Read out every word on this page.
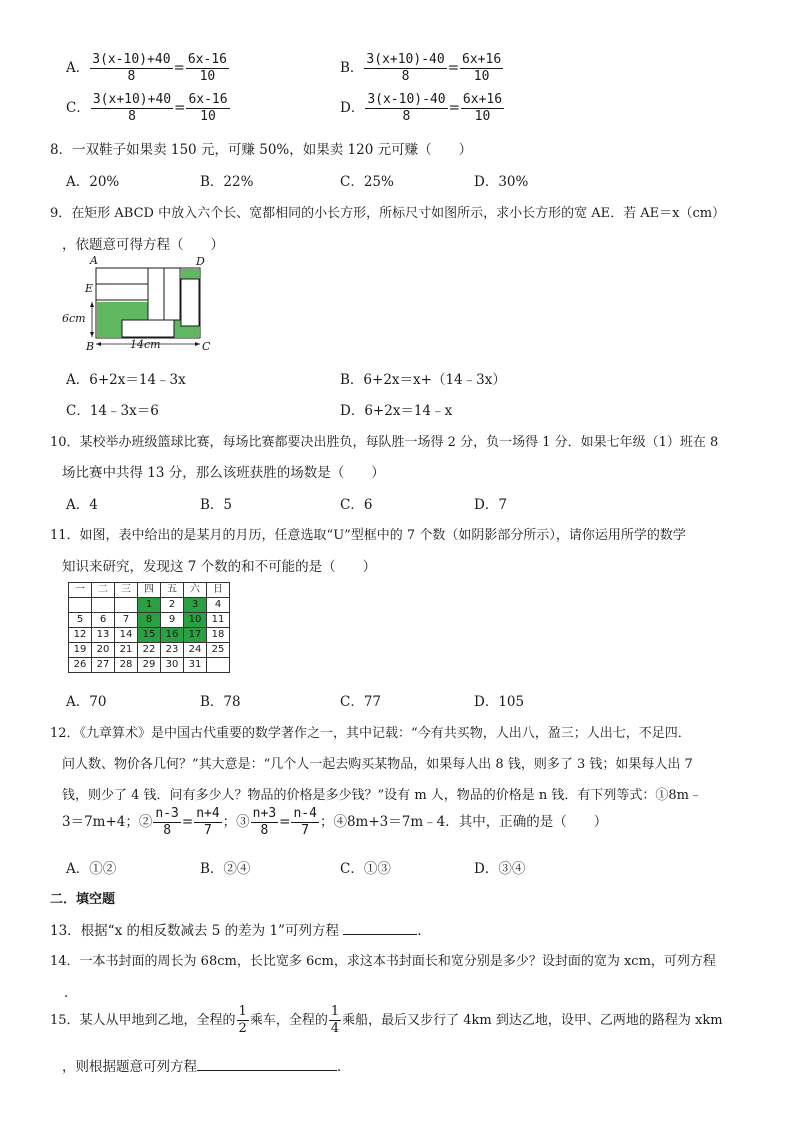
A． $\frac{3(x-10)+40}{8} = \frac{6x-16}{10}$	B． $\frac{3(x+10)-40}{8} = \frac{6x+16}{10}$
C． $\frac{3(x+10)+40}{8} = \frac{6x-16}{10}$	D． $\frac{3(x-10)-40}{8} = \frac{6x+16}{10}$
8．一双鞋子如果卖 150 元，可赚 50%，如果卖 120 元可赚（　　）
A．20%	B．22%	C．25%	D．30%
9．在矩形 ABCD 中放入六个长、宽都相同的小长方形，所标尺寸如图所示，求小长方形的宽 AE．若 AE＝x（cm）
，依题意可得方程（　　）
A	D
E
B	C
6cm
14cm
A．6+2x＝14﹣3x	B．6+2x＝x+（14﹣3x）
C．14﹣3x＝6	D．6+2x＝14﹣x
10．某校举办班级篮球比赛，每场比赛都要决出胜负，每队胜一场得 2 分，负一场得 1 分．如果七年级（1）班在 8
场比赛中共得 13 分，那么该班获胜的场数是（　　）
A．4	B．5	C．6	D．7
11．如图，表中给出的是某月的月历，任意选取“U”型框中的 7 个数（如阴影部分所示），请你运用所学的数学
知识来研究，发现这 7 个数的和不可能的是（　　）
一	二	三	四	五	六	日
			1	2	3	4
5	6	7	8	9	10	11
12	13	14	15	16	17	18
19	20	21	22	23	24	25
26	27	28	29	30	31	
A．70	B．78	C．77	D．105
12．《九章算术》是中国古代重要的数学著作之一，其中记载：“今有共买物，人出八，盈三；人出七，不足四．
问人数、物价各几何？”其大意是：“几个人一起去购买某物品，如果每人出 8 钱，则多了 3 钱；如果每人出 7
钱，则少了 4 钱．问有多少人？物品的价格是多少钱？”设有 m 人，物品的价格是 n 钱．有下列等式：①8m﹣
3＝7m+4；② $\frac{n-3}{8} = \frac{n+4}{7}$ ；③ $\frac{n+3}{8} = \frac{n-4}{7}$ ；④8m+3＝7m﹣4．其中，正确的是（　　）
A．①②	B．②④	C．①③	D．③④
二．填空题
13．根据“x 的相反数减去 5 的差为 1”可列方程	．
14．一本书封面的周长为 68cm，长比宽多 6cm，求这本书封面长和宽分别是多少？设封面的宽为 xcm，可列方程
．
15．某人从甲地到乙地，全程的 $\frac{1}{2}$ 乘车，全程的 $\frac{1}{4}$ 乘船，最后又步行了 4km 到达乙地，设甲、乙两地的路程为 xkm
，则根据题意可列方程	．
